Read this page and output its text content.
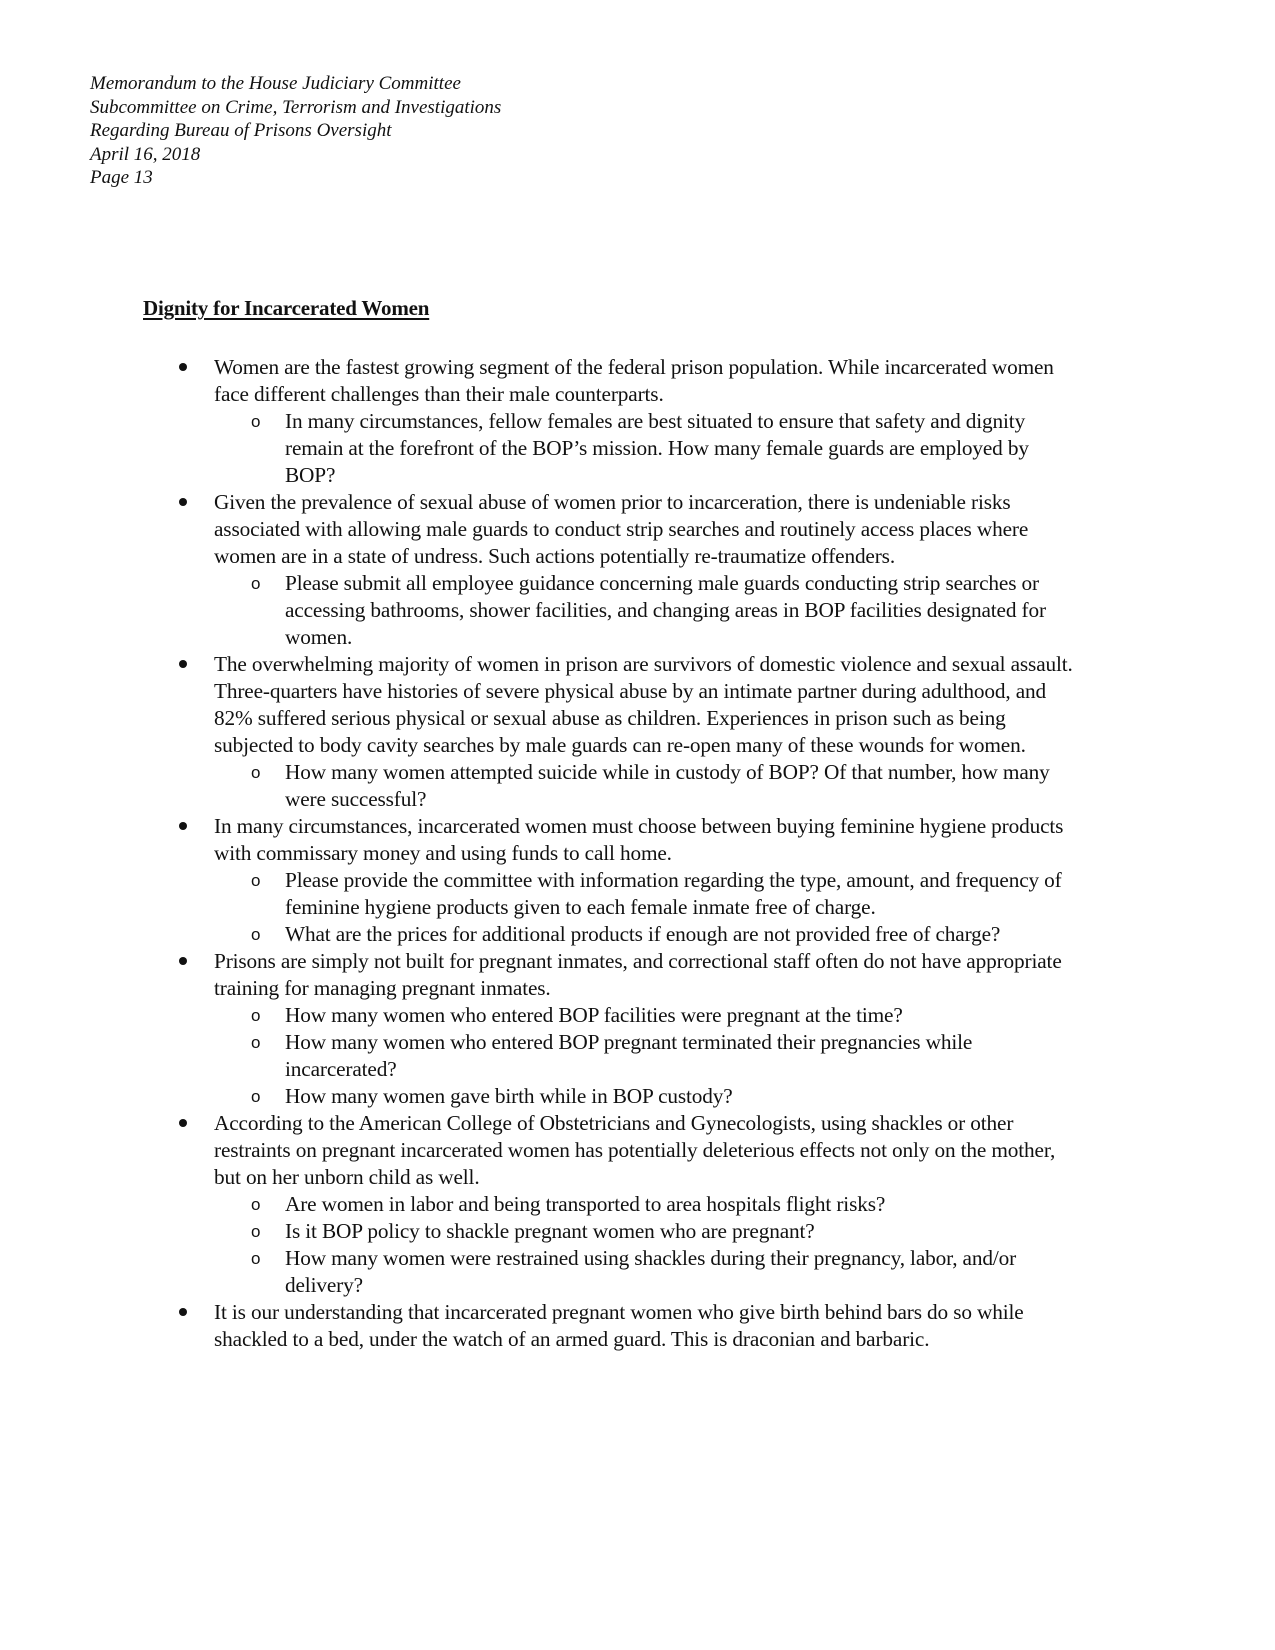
Memorandum to the House Judiciary Committee
Subcommittee on Crime, Terrorism and Investigations
Regarding Bureau of Prisons Oversight
April 16, 2018
Page 13
Dignity for Incarcerated Women
Women are the fastest growing segment of the federal prison population. While incarcerated women face different challenges than their male counterparts.
o In many circumstances, fellow females are best situated to ensure that safety and dignity remain at the forefront of the BOP’s mission. How many female guards are employed by BOP?
Given the prevalence of sexual abuse of women prior to incarceration, there is undeniable risks associated with allowing male guards to conduct strip searches and routinely access places where women are in a state of undress. Such actions potentially re-traumatize offenders.
o Please submit all employee guidance concerning male guards conducting strip searches or accessing bathrooms, shower facilities, and changing areas in BOP facilities designated for women.
The overwhelming majority of women in prison are survivors of domestic violence and sexual assault. Three-quarters have histories of severe physical abuse by an intimate partner during adulthood, and 82% suffered serious physical or sexual abuse as children. Experiences in prison such as being subjected to body cavity searches by male guards can re-open many of these wounds for women.
o How many women attempted suicide while in custody of BOP? Of that number, how many were successful?
In many circumstances, incarcerated women must choose between buying feminine hygiene products with commissary money and using funds to call home.
o Please provide the committee with information regarding the type, amount, and frequency of feminine hygiene products given to each female inmate free of charge.
o What are the prices for additional products if enough are not provided free of charge?
Prisons are simply not built for pregnant inmates, and correctional staff often do not have appropriate training for managing pregnant inmates.
o How many women who entered BOP facilities were pregnant at the time?
o How many women who entered BOP pregnant terminated their pregnancies while incarcerated?
o How many women gave birth while in BOP custody?
According to the American College of Obstetricians and Gynecologists, using shackles or other restraints on pregnant incarcerated women has potentially deleterious effects not only on the mother, but on her unborn child as well.
o Are women in labor and being transported to area hospitals flight risks?
o Is it BOP policy to shackle pregnant women who are pregnant?
o How many women were restrained using shackles during their pregnancy, labor, and/or delivery?
It is our understanding that incarcerated pregnant women who give birth behind bars do so while shackled to a bed, under the watch of an armed guard. This is draconian and barbaric.
